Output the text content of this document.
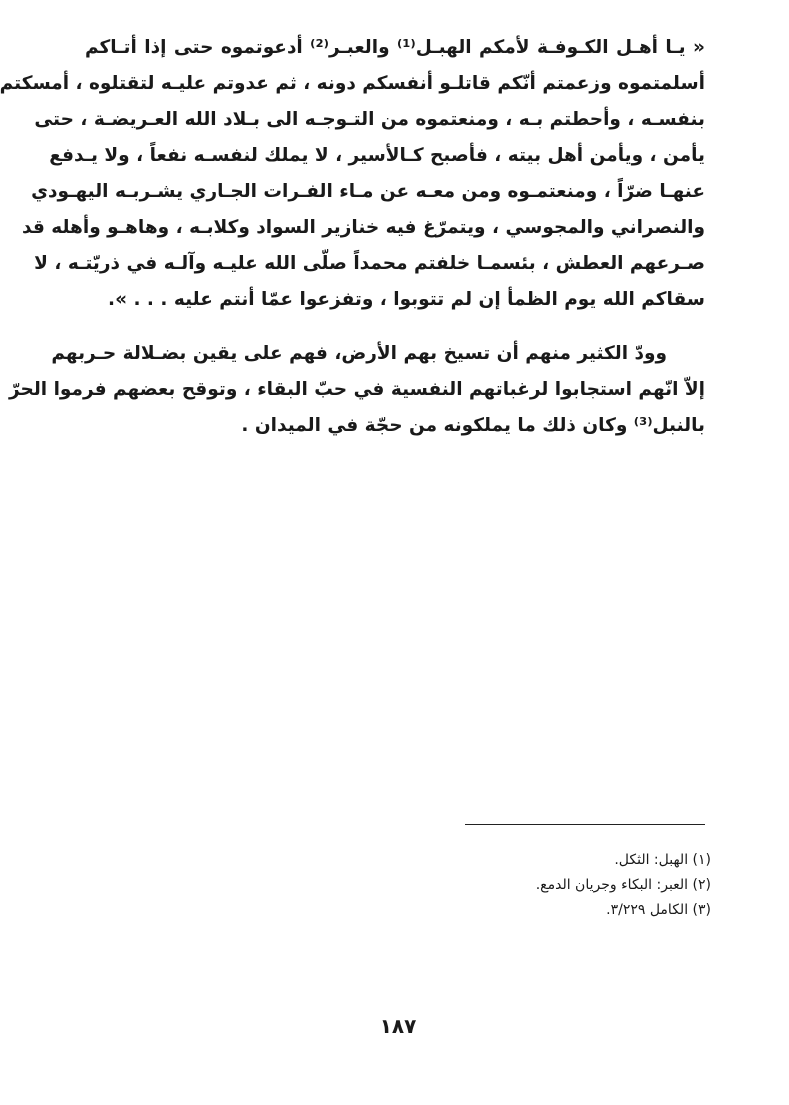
« يـا أهـل الكـوفـة لأمكم الهبـل⁽¹⁾ والعبـر⁽²⁾ أدعوتموه حتى إذا أتـاكم
أسلمتموه وزعمتم أنّكم قاتلـو أنفسكم دونه ، ثم عدوتم عليـه لتقتلوه ، أمسكتم
بنفسـه ، وأحطتم بـه ، ومنعتموه من التـوجـه الى بـلاد الله العـريضـة ، حتى
يأمن ، ويأمن أهل بيته ، فأصبح كـالأسير ، لا يملك لنفسـه نفعاً ، ولا يـدفع
عنهـا ضرّاً ، ومنعتمـوه ومن معـه عن مـاء الفـرات الجـاري يشـربـه اليهـودي
والنصراني والمجوسي ، ويتمرّغ فيه خنازير السواد وكلابـه ، وهاهـو وأهله قد
صـرعهم العطش ، بئسمـا خلفتم محمداً صلّى الله عليـه وآلـه في ذريّتـه ، لا
سقاكم الله يوم الظمأ إن لم تتوبوا ، وتفزعوا عمّا أنتم عليه . . . ».
وودّ الكثير منهم أن تسيخ بهم الأرض، فهم على يقين بضـلالة حـربهم
إلاّ انّهم استجابوا لرغباتهم النفسية في حبّ البقاء ، وتوقح بعضهم فرموا الحرّ
بالنبل⁽³⁾ وكان ذلك ما يملكونه من حجّة في الميدان .
(١) الهبل: الثكل.
(٢) العبر: البكاء وجريان الدمع.
(٣) الكامل ٣/٢٢٩.
١٨٧
